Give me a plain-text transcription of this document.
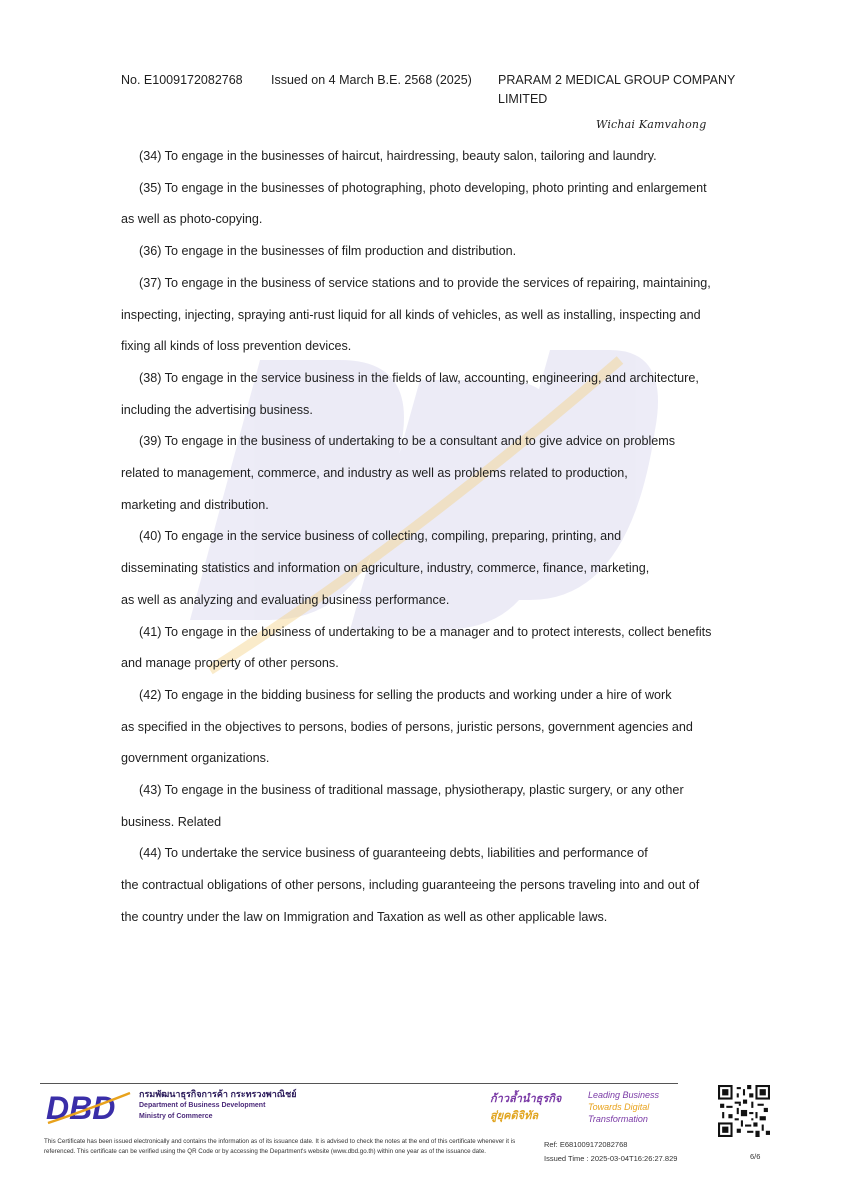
No. E1009172082768 Issued on 4 March B.E. 2568 (2025) PRARAM 2 MEDICAL GROUP COMPANY LIMITED
Wichai Kamvahong

(34) To engage in the businesses of haircut, hairdressing, beauty salon, tailoring and laundry.

(35) To engage in the businesses of photographing, photo developing, photo printing and enlargement

as well as photo-copying.

(36) To engage in the businesses of film production and distribution.

(37) To engage in the business of service stations and to provide the services of repairing, maintaining,

inspecting, injecting, spraying anti-rust liquid for all kinds of vehicles, as well as installing, inspecting and

fixing all kinds of loss prevention devices.

(38) To engage in the service business in the fields of law, accounting, engineering, and architecture,

including the advertising business.

(39) To engage in the business of undertaking to be a consultant and to give advice on problems

related to management, commerce, and industry as well as problems related to production,

marketing and distribution.

(40) To engage in the service business of collecting, compiling, preparing, printing, and

disseminating statistics and information on agriculture, industry, commerce, finance, marketing,

as well as analyzing and evaluating business performance.

(41) To engage in the business of undertaking to be a manager and to protect interests, collect benefits

and manage property of other persons.

(42) To engage in the bidding business for selling the products and working under a hire of work

as specified in the objectives to persons, bodies of persons, juristic persons, government agencies and

government organizations.

(43) To engage in the business of traditional massage, physiotherapy, plastic surgery, or any other

business. Related

(44) To undertake the service business of guaranteeing debts, liabilities and performance of

the contractual obligations of other persons, including guaranteeing the persons traveling into and out of

the country under the law on Immigration and Taxation as well as other applicable laws.

DBD	กรมพัฒนาธุรกิจการค้า กระทรวงพาณิชย์
Department of Business Development
Ministry of Commerce
ก้าวล้ำนำธุรกิจ
สู่ยุคดิจิทัล
Leading Business
Towards Digital
Transformation
This Certificate has been issued electronically and contains the information as of its issuance date. It is advised to check the notes at the end of this certificate whenever it is referenced. This certificate can be verified using the QR Code or by accessing the Department's website (www.dbd.go.th) within one year as of the issuance date.
Ref: E681009172082768
Issued Time : 2025-03-04T16:26:27.829	6/6
